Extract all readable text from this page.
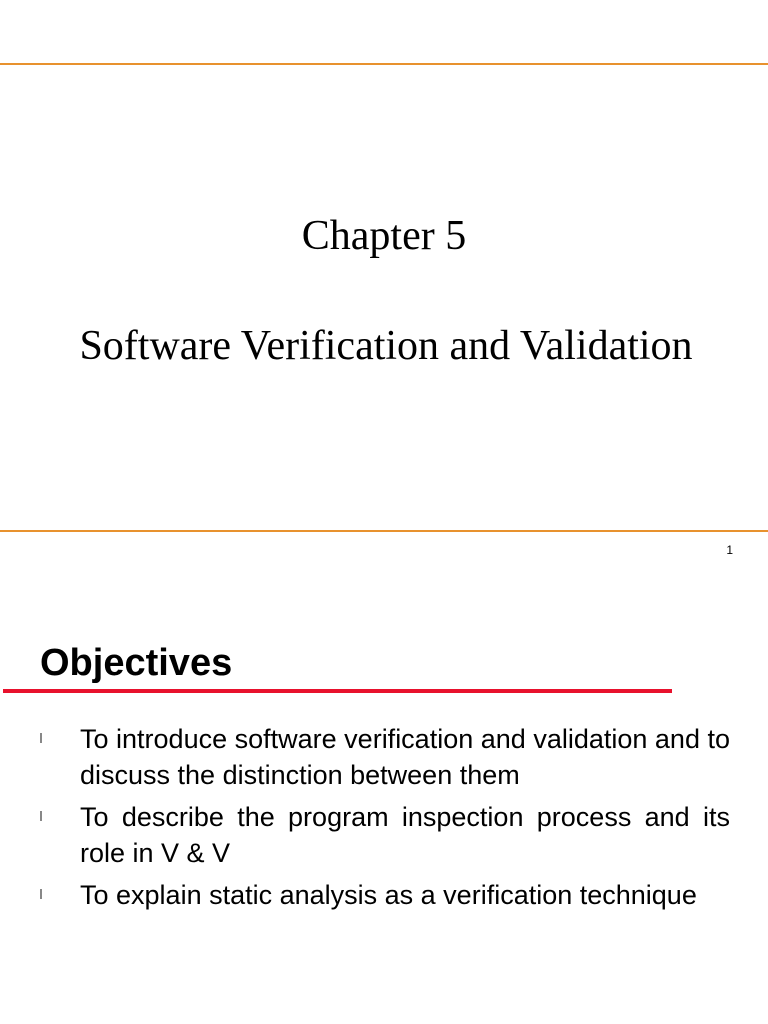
Chapter 5
Software Verification and Validation
1
Objectives
To introduce software verification and validation and to discuss the distinction between them
To describe the program inspection process and its role in V & V
To explain static analysis as a verification technique
